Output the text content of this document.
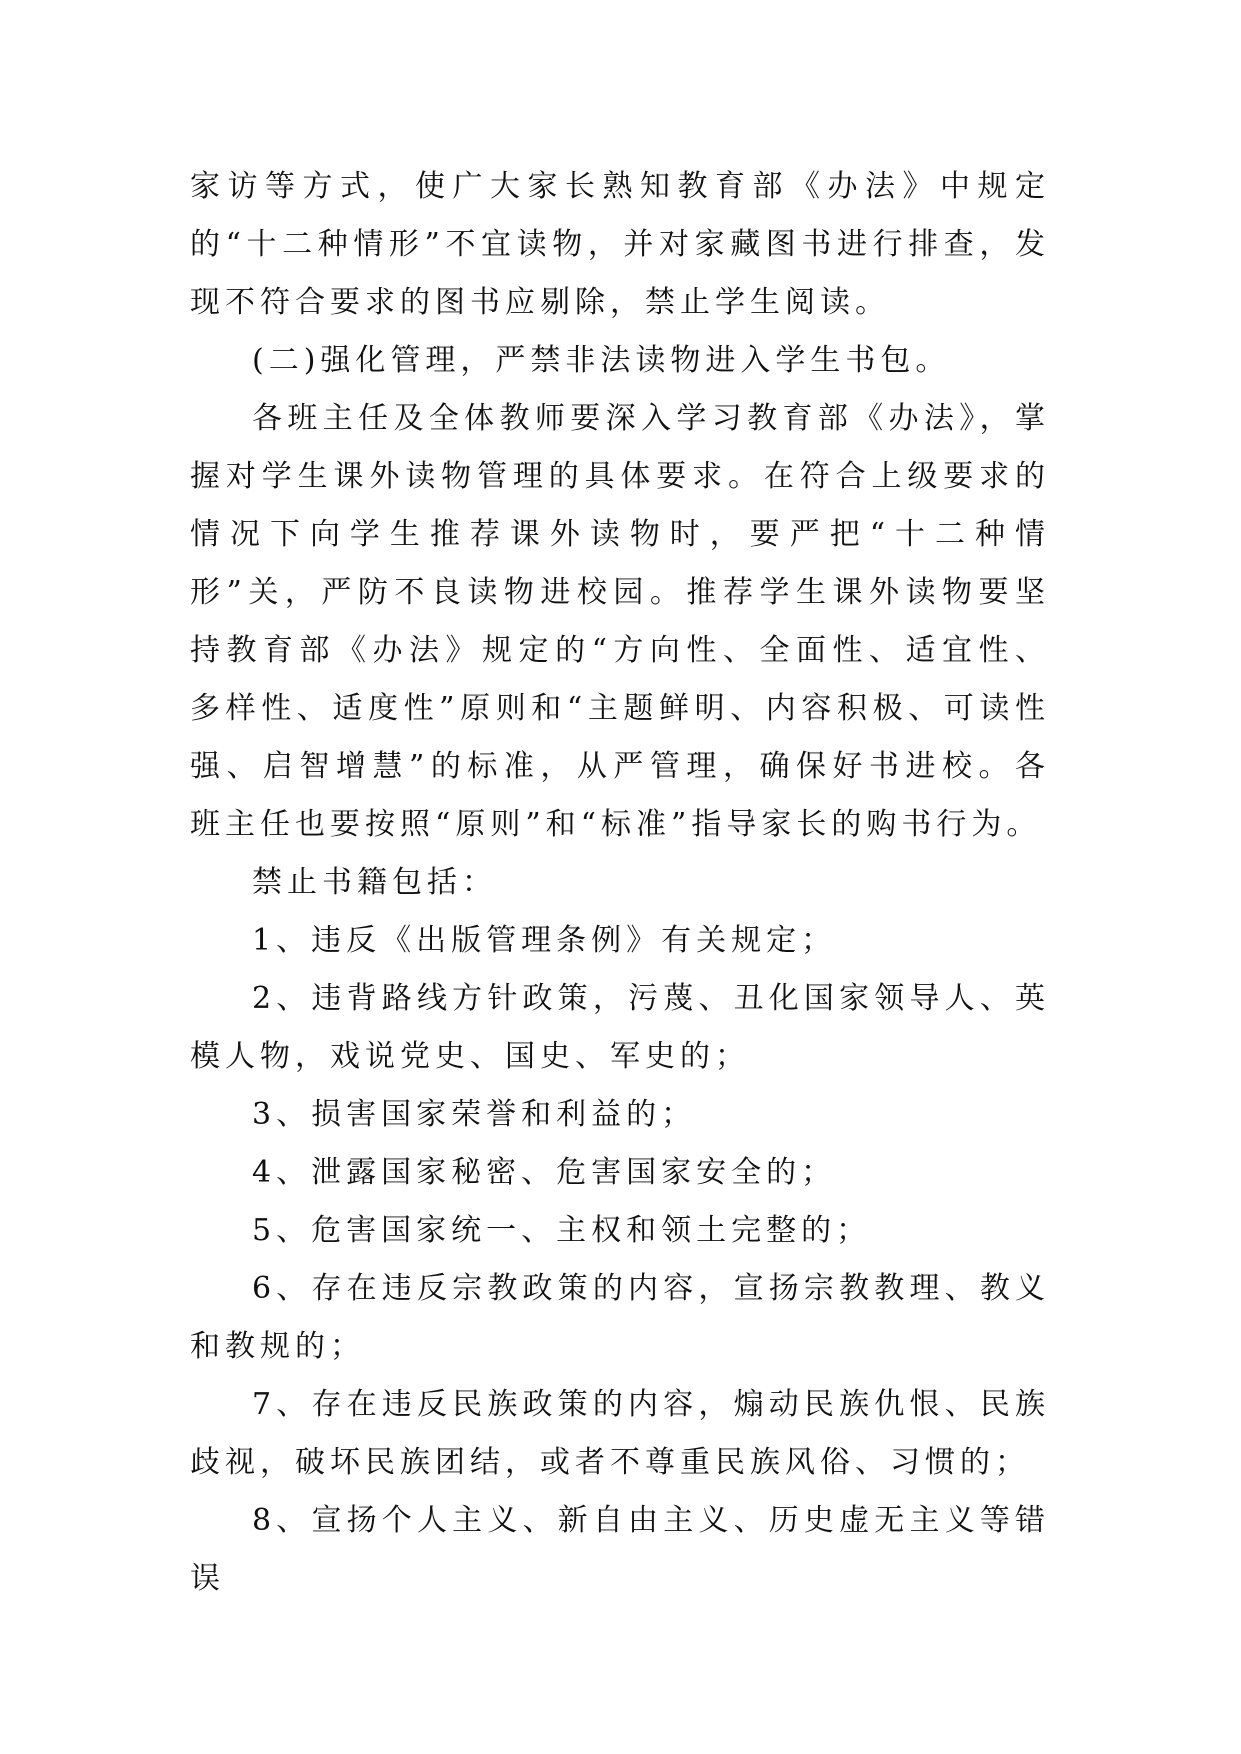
家访等方式，使广大家长熟知教育部《办法》中规定的“十二种情形”不宜读物，并对家藏图书进行排查，发现不符合要求的图书应剔除，禁止学生阅读。

(二)强化管理，严禁非法读物进入学生书包。

各班主任及全体教师要深入学习教育部《办法》，掌握对学生课外读物管理的具体要求。在符合上级要求的情况下向学生推荐课外读物时，要严把“十二种情形”关，严防不良读物进校园。推荐学生课外读物要坚持教育部《办法》规定的“方向性、全面性、适宜性、多样性、适度性”原则和“主题鲜明、内容积极、可读性强、启智增慧”的标准，从严管理，确保好书进校。各班主任也要按照“原则”和“标准”指导家长的购书行为。

禁止书籍包括：

1、违反《出版管理条例》有关规定；

2、违背路线方针政策，污蔑、丑化国家领导人、英模人物，戏说党史、国史、军史的；

3、损害国家荣誉和利益的；

4、泄露国家秘密、危害国家安全的；

5、危害国家统一、主权和领土完整的；

6、存在违反宗教政策的内容，宣扬宗教教理、教义和教规的；

7、存在违反民族政策的内容，煽动民族仇恨、民族歧视，破坏民族团结，或者不尊重民族风俗、习惯的；

8、宣扬个人主义、新自由主义、历史虚无主义等错误
